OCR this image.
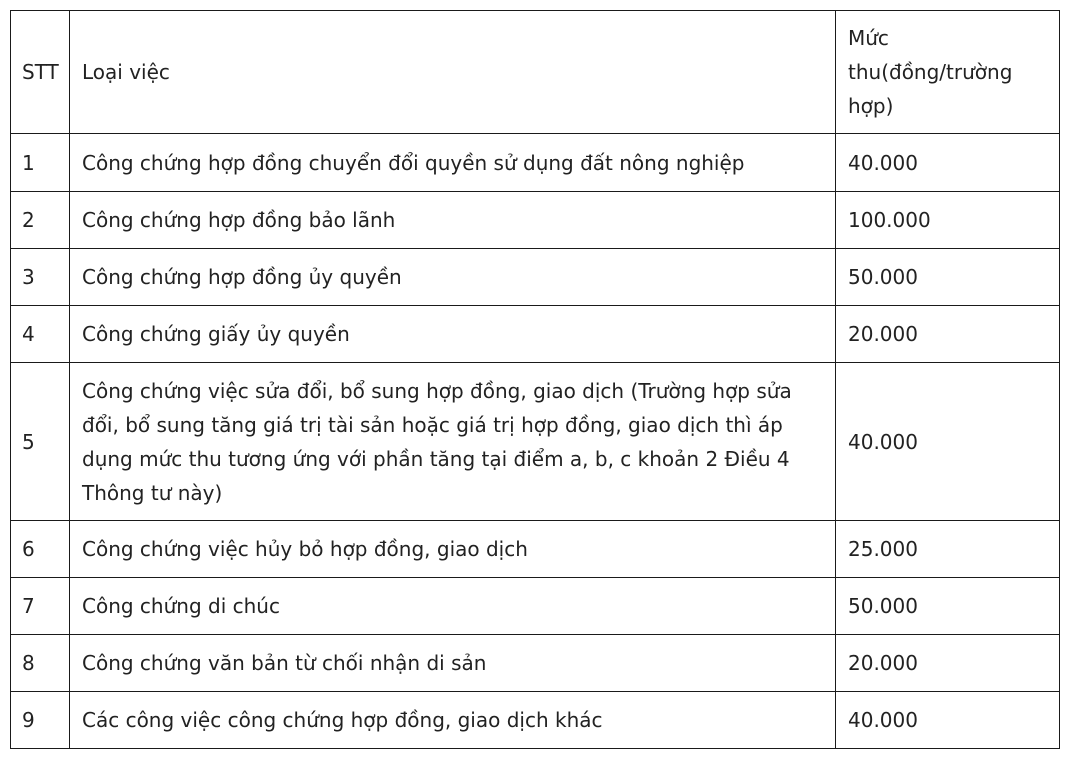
STT	Loại việc	Mức thu(đồng/trường hợp)
1	Công chứng hợp đồng chuyển đổi quyền sử dụng đất nông nghiệp	40.000
2	Công chứng hợp đồng bảo lãnh	100.000
3	Công chứng hợp đồng ủy quyền	50.000
4	Công chứng giấy ủy quyền	20.000
5	Công chứng việc sửa đổi, bổ sung hợp đồng, giao dịch (Trường hợp sửa đổi, bổ sung tăng giá trị tài sản hoặc giá trị hợp đồng, giao dịch thì áp dụng mức thu tương ứng với phần tăng tại điểm a, b, c khoản 2 Điều 4 Thông tư này)	40.000
6	Công chứng việc hủy bỏ hợp đồng, giao dịch	25.000
7	Công chứng di chúc	50.000
8	Công chứng văn bản từ chối nhận di sản	20.000
9	Các công việc công chứng hợp đồng, giao dịch khác	40.000
